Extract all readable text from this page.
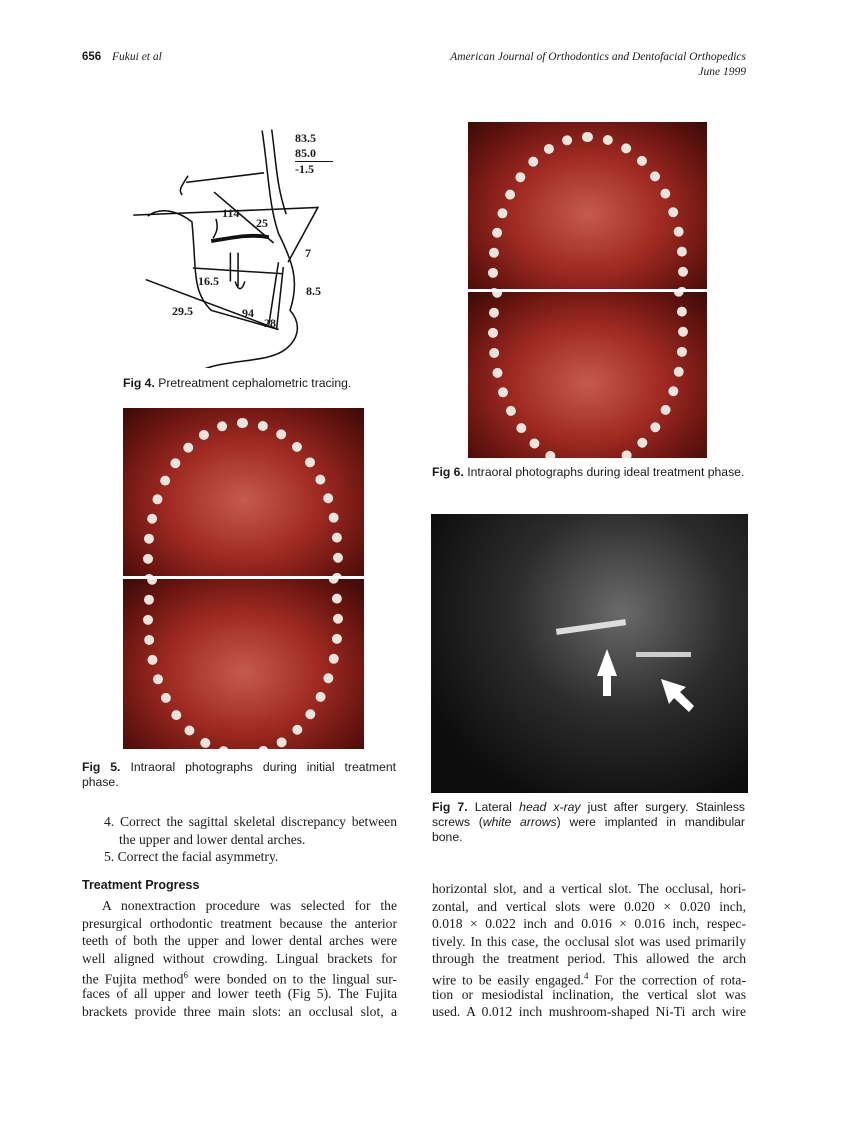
656 Fukui et al	American Journal of Orthodontics and Dentofacial Orthopedics
June 1999
83.5
85.0
-1.5
114
25
7
16.5
8.5
29.5	94
28
Fig 4. Pretreatment cephalometric tracing.
Fig 5. Intraoral photographs during initial treatment phase.
Fig 6. Intraoral photographs during ideal treatment phase.
Fig 7. Lateral head x-ray just after surgery. Stainless screws (white arrows) were implanted in mandibular bone.
4. Correct the sagittal skeletal discrepancy between
the upper and lower dental arches.
5. Correct the facial asymmetry.
Treatment Progress
A nonextraction procedure was selected for the
presurgical orthodontic treatment because the anterior
teeth of both the upper and lower dental arches were
well aligned without crowding. Lingual brackets for
the Fujita method$^6$ were bonded on to the lingual sur-
faces of all upper and lower teeth (Fig 5). The Fujita
brackets provide three main slots: an occlusal slot, a
horizontal slot, and a vertical slot. The occlusal, hori-
zontal, and vertical slots were 0.020 × 0.020 inch,
0.018 × 0.022 inch and 0.016 × 0.016 inch, respec-
tively. In this case, the occlusal slot was used primarily
through the treatment period. This allowed the arch
wire to be easily engaged.$^4$ For the correction of rota-
tion or mesiodistal inclination, the vertical slot was
used. A 0.012 inch mushroom-shaped Ni-Ti arch wire
